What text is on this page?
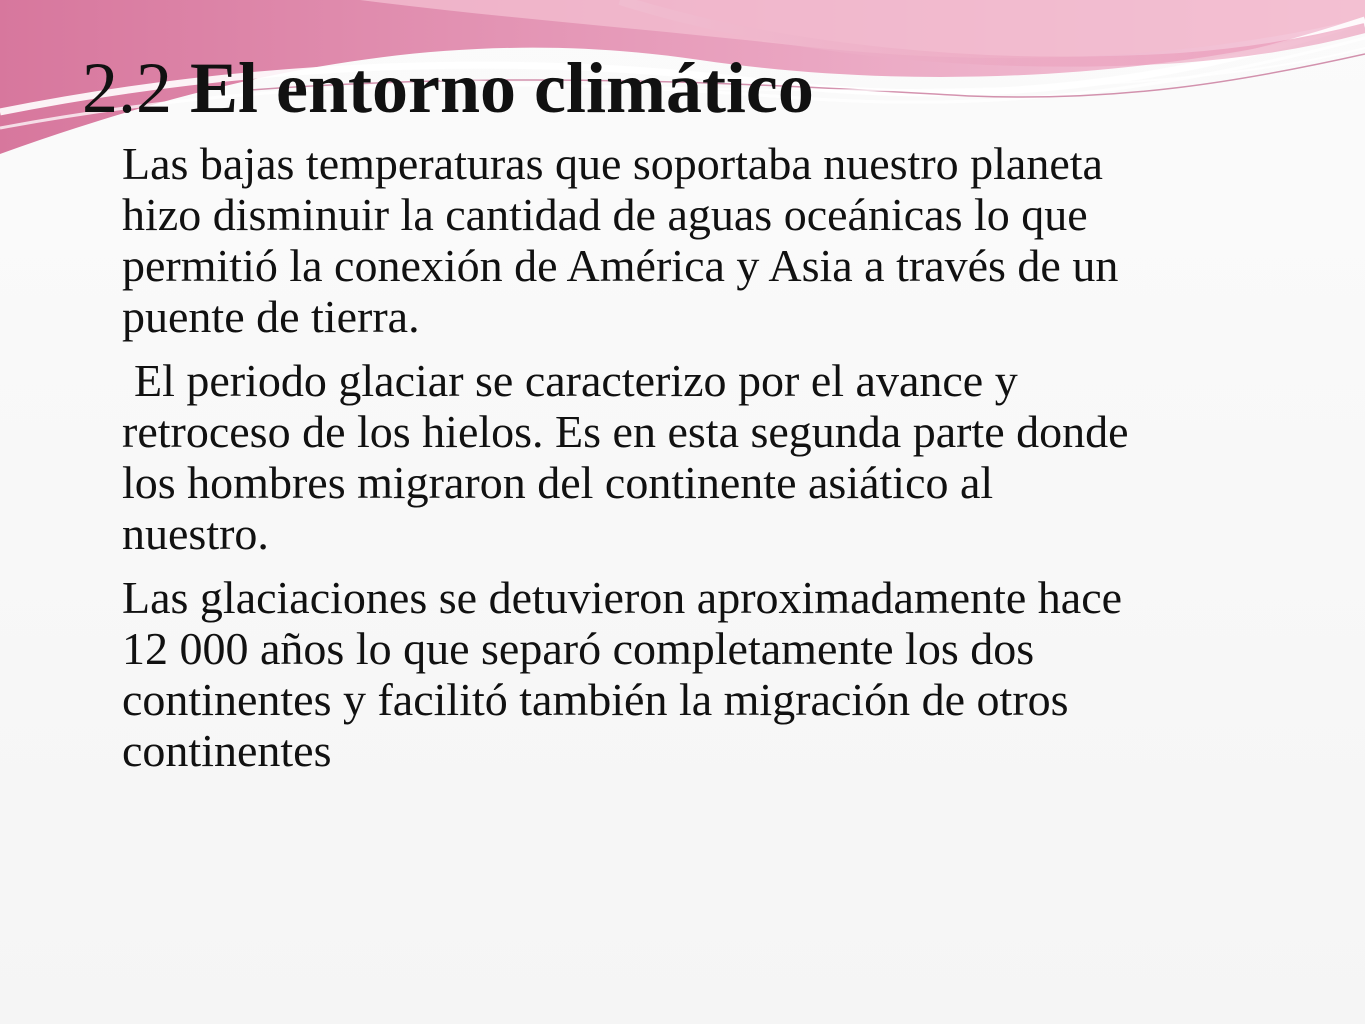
2.2 El entorno climático

Las bajas temperaturas que soportaba nuestro planeta
hizo disminuir la cantidad de aguas oceánicas lo que
permitió la conexión de América y Asia a través de un
puente de tierra.

El periodo glaciar se caracterizo por el avance y
retroceso de los hielos. Es en esta segunda parte donde
los hombres migraron del continente asiático al
nuestro.

Las glaciaciones se detuvieron aproximadamente hace
12 000 años lo que separó completamente los dos
continentes y facilitó también la migración de otros
continentes
